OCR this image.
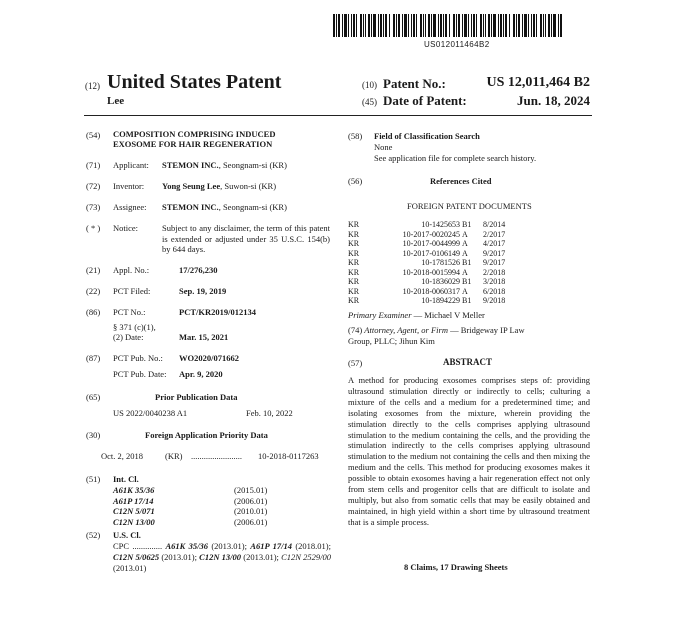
US012011464B2
(12) United States Patent
Lee
(10) Patent No.:	US 12,011,464 B2
(45) Date of Patent:	Jun. 18, 2024
(54) COMPOSITION COMPRISING INDUCED
EXOSOME FOR HAIR REGENERATION
(71) Applicant: STEMON INC., Seongnam-si (KR)
(72) Inventor: Yong Seung Lee, Suwon-si (KR)
(73) Assignee: STEMON INC., Seongnam-si (KR)
( * ) Notice:	Subject to any disclaimer, the term of this patent is extended or adjusted under 35 U.S.C. 154(b) by 644 days.
(21) Appl. No.:	17/276,230
(22) PCT Filed:	Sep. 19, 2019
(86) PCT No.:	PCT/KR2019/012134
§ 371 (c)(1),
(2) Date:	Mar. 15, 2021
(87) PCT Pub. No.: WO2020/071662
PCT Pub. Date: Apr. 9, 2020
(65)	Prior Publication Data
US 2022/0040238 A1	Feb. 10, 2022
(30)	Foreign Application Priority Data
Oct. 2, 2018	(KR) ........................ 10-2018-0117263
(51) Int. Cl.
A61K 35/36	(2015.01)
A61P 17/14	(2006.01)
C12N 5/071	(2010.01)
C12N 13/00	(2006.01)
(52) U.S. Cl.
CPC .............. A61K 35/36 (2013.01); A61P 17/14 (2018.01); C12N 5/0625 (2013.01); C12N 13/00 (2013.01); C12N 2529/00 (2013.01)
(58) Field of Classification Search
None
See application file for complete search history.
(56)	References Cited
FOREIGN PATENT DOCUMENTS
KR	10-1425653 B1 8/2014
KR	10-2017-0020245 A 2/2017
KR	10-2017-0044999 A 4/2017
KR	10-2017-0106149 A 9/2017
KR	10-1781526 B1 9/2017
KR	10-2018-0015994 A 2/2018
KR	10-1836029 B1 3/2018
KR	10-2018-0060317 A 6/2018
KR	10-1894229 B1 9/2018
Primary Examiner — Michael V Meller
(74) Attorney, Agent, or Firm — Bridgeway IP Law
Group, PLLC; Jihun Kim
(57)	ABSTRACT
A method for producing exosomes comprises steps of: providing ultrasound stimulation directly or indirectly to cells; culturing a mixture of the cells and a medium for a predetermined time; and isolating exosomes from the mixture, wherein providing the stimulation directly to the cells comprises applying ultrasound stimulation to the medium containing the cells, and the providing the stimulation indirectly to the cells comprises applying ultrasound stimulation to the medium not containing the cells and then mixing the medium and the cells. This method for producing exosomes makes it possible to obtain exosomes having a hair regeneration effect not only from stem cells and progenitor cells that are difficult to isolate and multiply, but also from somatic cells that may be easily obtained and maintained, in high yield within a short time by ultrasound treatment that is a simple process.
8 Claims, 17 Drawing Sheets
